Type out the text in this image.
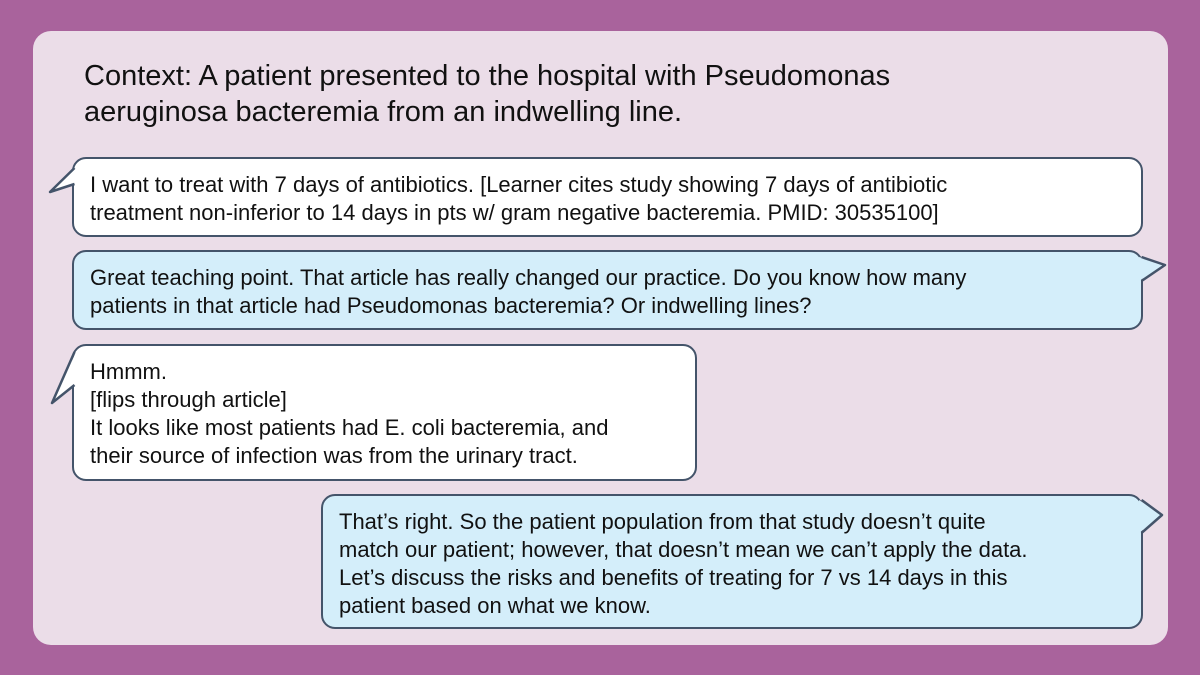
Context: A patient presented to the hospital with Pseudomonas
aeruginosa bacteremia from an indwelling line.
I want to treat with 7 days of antibiotics. [Learner cites study showing 7 days of antibiotic
treatment non-inferior to 14 days in pts w/ gram negative bacteremia. PMID: 30535100]
Great teaching point. That article has really changed our practice. Do you know how many
patients in that article had Pseudomonas bacteremia? Or indwelling lines?
Hmmm.
[flips through article]
It looks like most patients had E. coli bacteremia, and
their source of infection was from the urinary tract.
That’s right. So the patient population from that study doesn’t quite
match our patient; however, that doesn’t mean we can’t apply the data.
Let’s discuss the risks and benefits of treating for 7 vs 14 days in this
patient based on what we know.
